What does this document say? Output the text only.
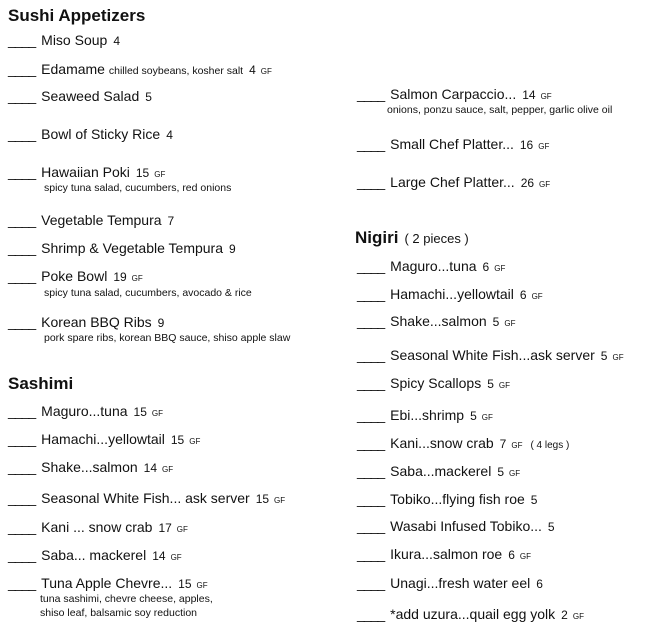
Sushi Appetizers
____ Miso Soup 4
____ Edamame chilled soybeans, kosher salt 4 GF
____ Seaweed Salad 5
____ Bowl of Sticky Rice 4
____ Hawaiian Poki 15 GF
spicy tuna salad, cucumbers, red onions
____ Vegetable Tempura 7
____ Shrimp & Vegetable Tempura 9
____ Poke Bowl 19 GF
spicy tuna salad, cucumbers, avocado & rice
____ Korean BBQ Ribs 9
pork spare ribs, korean BBQ sauce, shiso apple slaw
Sashimi
____ Maguro...tuna 15 GF
____ Hamachi...yellowtail 15 GF
____ Shake...salmon 14 GF
____ Seasonal White Fish... ask server 15 GF
____ Kani ... snow crab 17 GF
____ Saba... mackerel 14 GF
____ Tuna Apple Chevre... 15 GF
tuna sashimi, chevre cheese, apples,
shiso leaf, balsamic soy reduction
____ Salmon Carpaccio... 14 GF
onions, ponzu sauce, salt, pepper, garlic olive oil
____ Small Chef Platter... 16 GF
____ Large Chef Platter... 26 GF
Nigiri ( 2 pieces )
____ Maguro...tuna 6 GF
____ Hamachi...yellowtail 6 GF
____ Shake...salmon 5 GF
____ Seasonal White Fish...ask server 5 GF
____ Spicy Scallops 5 GF
____ Ebi...shrimp 5 GF
____ Kani...snow crab 7 GF ( 4 legs )
____ Saba...mackerel 5 GF
____ Tobiko...flying fish roe 5
____ Wasabi Infused Tobiko... 5
____ Ikura...salmon roe 6 GF
____ Unagi...fresh water eel 6
____ *add uzura...quail egg yolk 2 GF
